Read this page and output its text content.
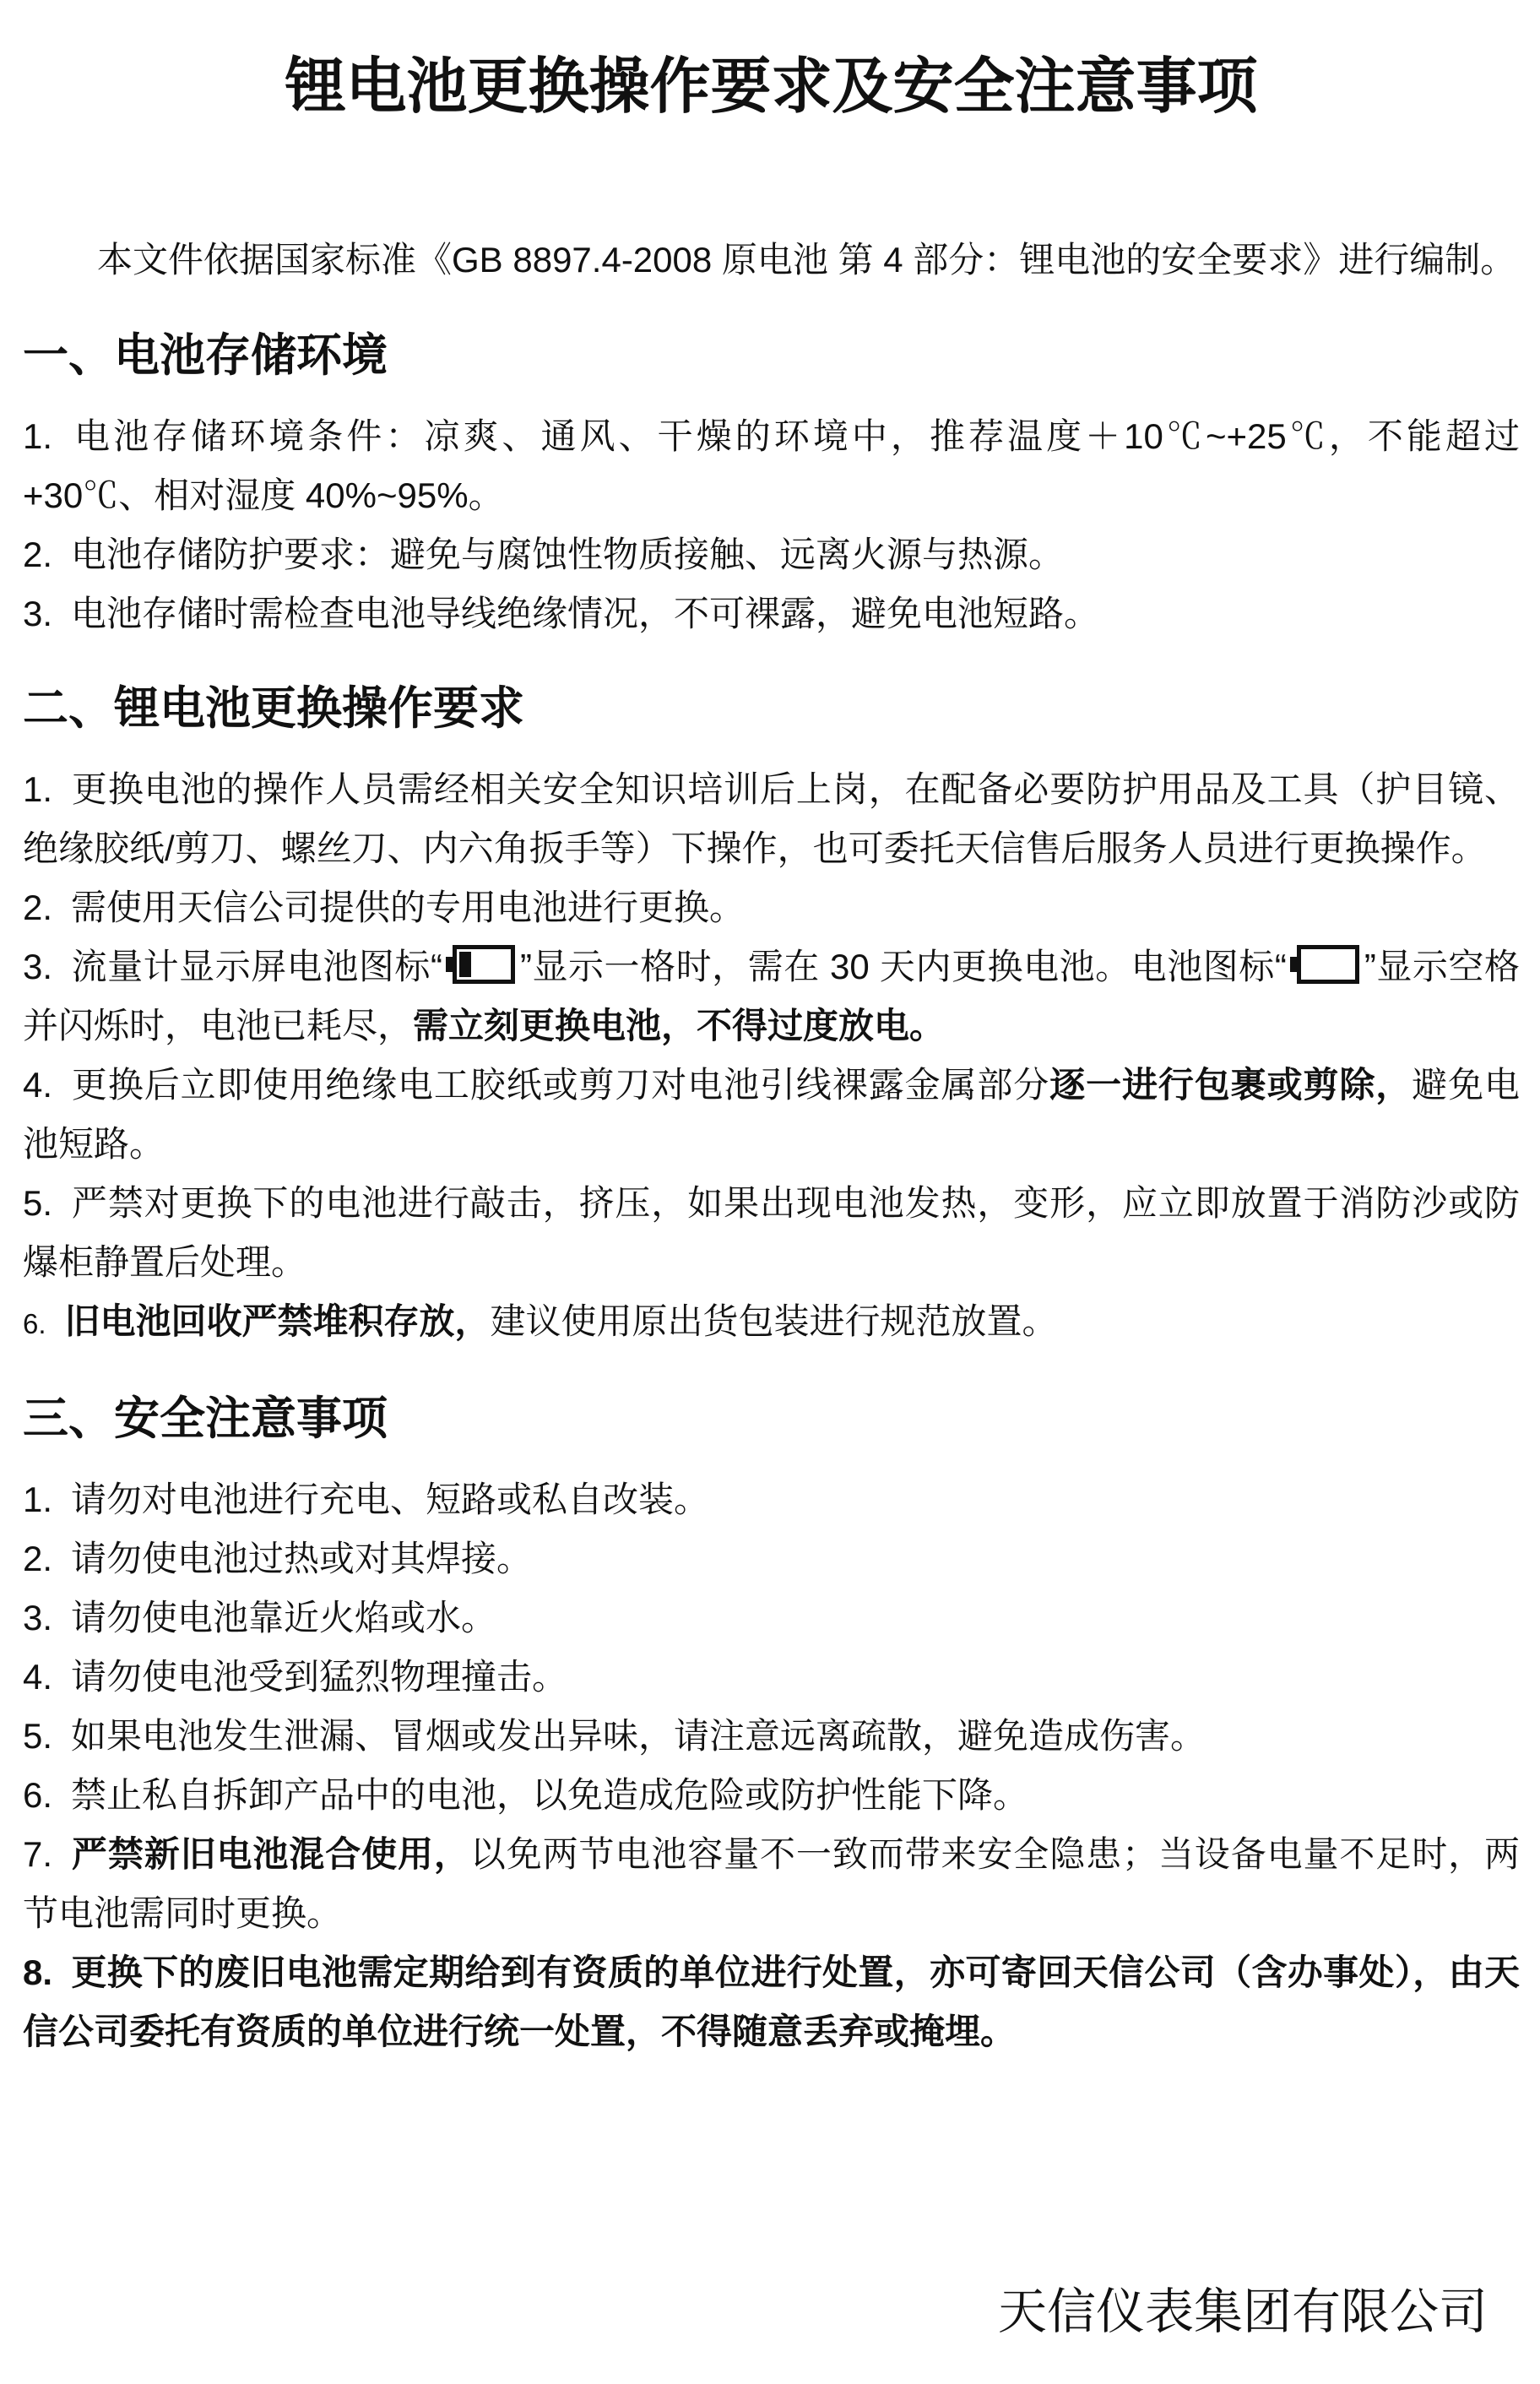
锂电池更换操作要求及安全注意事项

本文件依据国家标准《GB 8897.4-2008 原电池 第 4 部分：锂电池的安全要求》进行编制。

一、电池存储环境

1. 电池存储环境条件：凉爽、通风、干燥的环境中，推荐温度＋10℃~+25℃，不能超过+30℃、相对湿度 40%~95%。

2. 电池存储防护要求：避免与腐蚀性物质接触、远离火源与热源。

3. 电池存储时需检查电池导线绝缘情况，不可裸露，避免电池短路。

二、锂电池更换操作要求

1. 更换电池的操作人员需经相关安全知识培训后上岗，在配备必要防护用品及工具（护目镜、绝缘胶纸/剪刀、螺丝刀、内六角扳手等）下操作，也可委托天信售后服务人员进行更换操作。

2. 需使用天信公司提供的专用电池进行更换。

3. 流量计显示屏电池图标“ ”显示一格时，需在 30 天内更换电池。电池图标“ ”显示空格并闪烁时，电池已耗尽，需立刻更换电池，不得过度放电。

4. 更换后立即使用绝缘电工胶纸或剪刀对电池引线裸露金属部分逐一进行包裹或剪除，避免电池短路。

5. 严禁对更换下的电池进行敲击，挤压，如果出现电池发热，变形，应立即放置于消防沙或防爆柜静置后处理。

6. 旧电池回收严禁堆积存放，建议使用原出货包装进行规范放置。

三、安全注意事项

1. 请勿对电池进行充电、短路或私自改装。

2. 请勿使电池过热或对其焊接。

3. 请勿使电池靠近火焰或水。

4. 请勿使电池受到猛烈物理撞击。

5. 如果电池发生泄漏、冒烟或发出异味，请注意远离疏散，避免造成伤害。

6. 禁止私自拆卸产品中的电池，以免造成危险或防护性能下降。

7. 严禁新旧电池混合使用，以免两节电池容量不一致而带来安全隐患；当设备电量不足时，两节电池需同时更换。

8. 更换下的废旧电池需定期给到有资质的单位进行处置，亦可寄回天信公司（含办事处），由天信公司委托有资质的单位进行统一处置，不得随意丢弃或掩埋。

天信仪表集团有限公司
